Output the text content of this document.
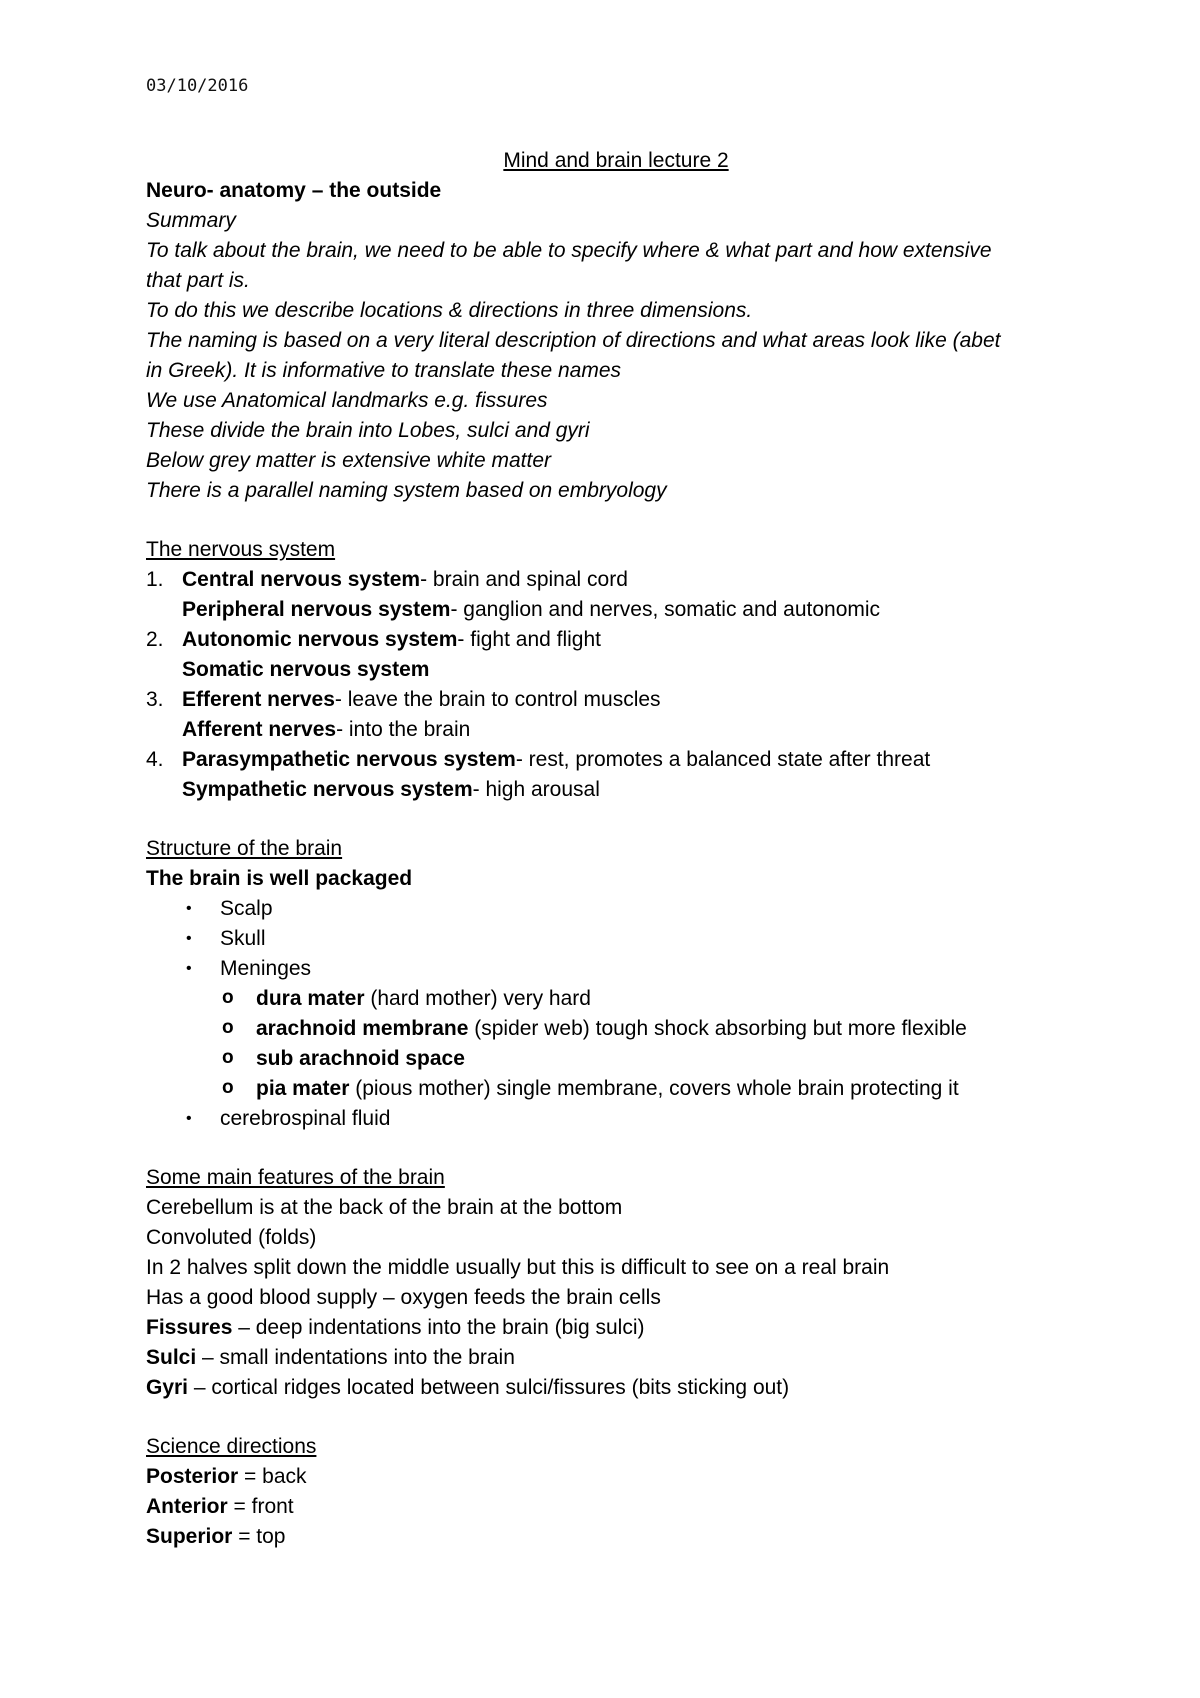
03/10/2016
Mind and brain lecture 2
Neuro- anatomy – the outside
Summary
To talk about the brain, we need to be able to specify where & what part and how extensive
that part is.
To do this we describe locations & directions in three dimensions.
The naming is based on a very literal description of directions and what areas look like (abet
in Greek). It is informative to translate these names
We use Anatomical landmarks e.g. fissures
These divide the brain into Lobes, sulci and gyri
Below grey matter is extensive white matter
There is a parallel naming system based on embryology
The nervous system
1. Central nervous system- brain and spinal cord
Peripheral nervous system- ganglion and nerves, somatic and autonomic
2. Autonomic nervous system- fight and flight
Somatic nervous system
3. Efferent nerves- leave the brain to control muscles
Afferent nerves- into the brain
4. Parasympathetic nervous system- rest, promotes a balanced state after threat
Sympathetic nervous system- high arousal
Structure of the brain
The brain is well packaged
• Scalp
• Skull
• Meninges
o dura mater (hard mother) very hard
o arachnoid membrane (spider web) tough shock absorbing but more flexible
o sub arachnoid space
o pia mater (pious mother) single membrane, covers whole brain protecting it
• cerebrospinal fluid
Some main features of the brain
Cerebellum is at the back of the brain at the bottom
Convoluted (folds)
In 2 halves split down the middle usually but this is difficult to see on a real brain
Has a good blood supply – oxygen feeds the brain cells
Fissures – deep indentations into the brain (big sulci)
Sulci – small indentations into the brain
Gyri – cortical ridges located between sulci/fissures (bits sticking out)
Science directions
Posterior = back
Anterior = front
Superior = top
